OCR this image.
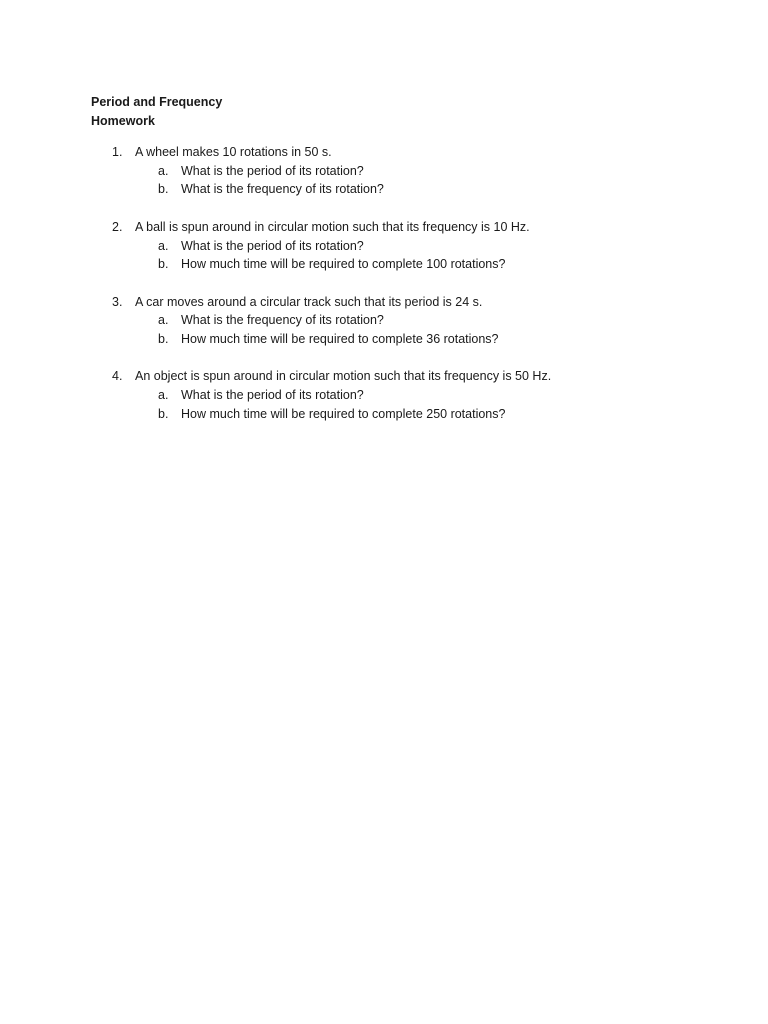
Period and Frequency
Homework
1. A wheel makes 10 rotations in 50 s.
a. What is the period of its rotation?
b. What is the frequency of its rotation?
2. A ball is spun around in circular motion such that its frequency is 10 Hz.
a. What is the period of its rotation?
b. How much time will be required to complete 100 rotations?
3. A car moves around a circular track such that its period is 24 s.
a. What is the frequency of its rotation?
b. How much time will be required to complete 36 rotations?
4. An object is spun around in circular motion such that its frequency is 50 Hz.
a. What is the period of its rotation?
b. How much time will be required to complete 250 rotations?
